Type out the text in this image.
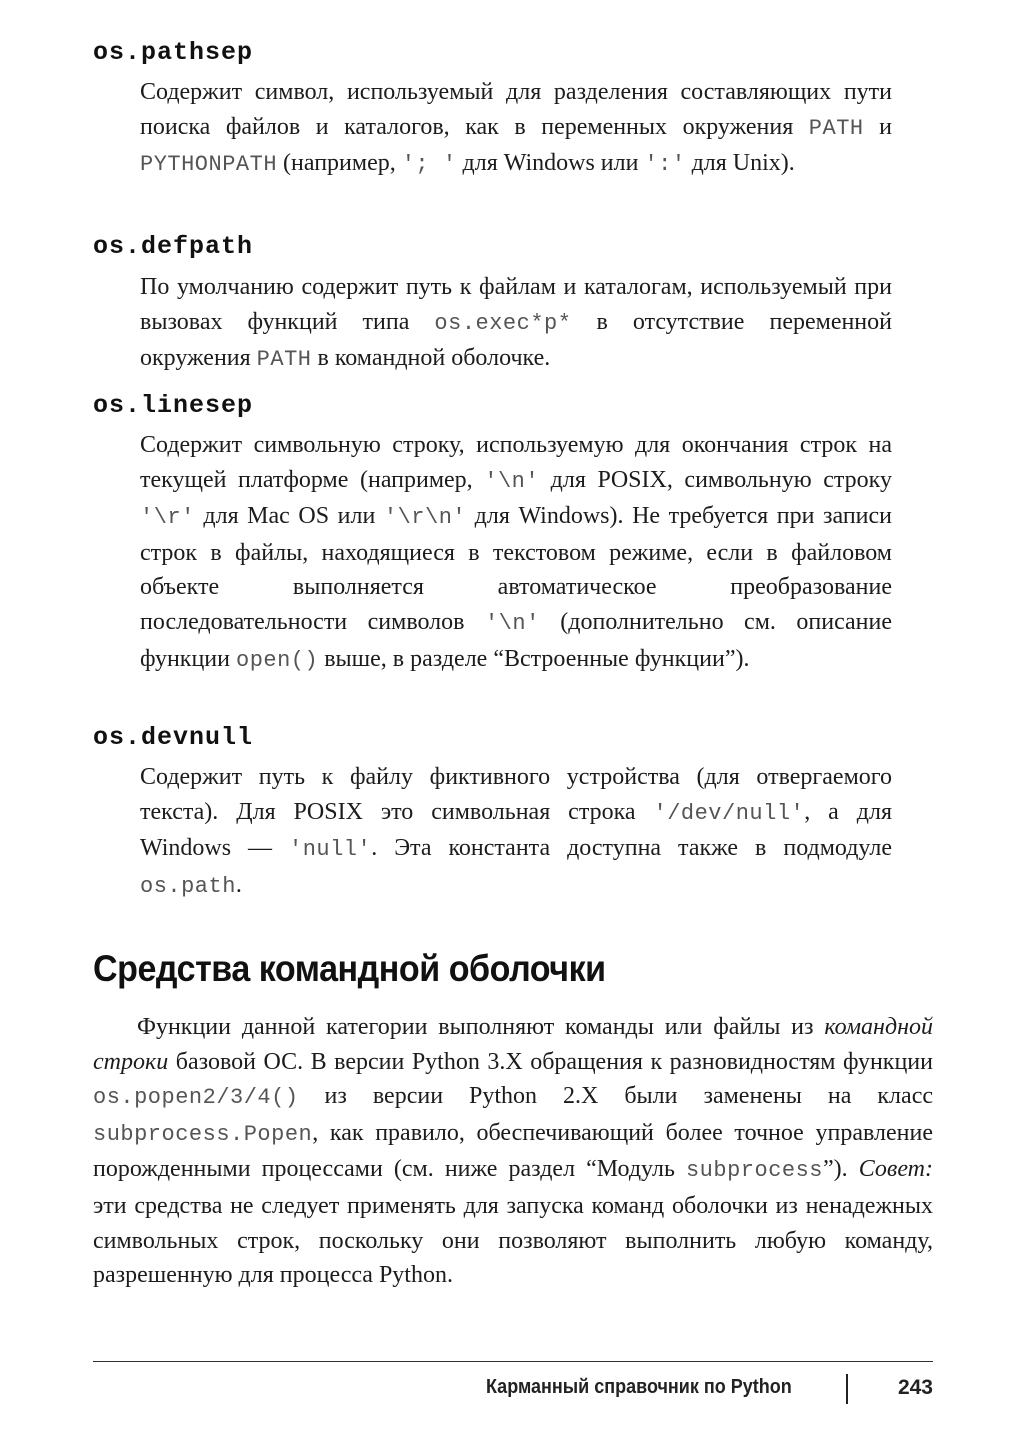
os.pathsep
Содержит символ, используемый для разделения составляющих пути поиска файлов и каталогов, как в переменных окружения PATH и PYTHONPATH (например, '; ' для Windows или ':' для Unix).
os.defpath
По умолчанию содержит путь к файлам и каталогам, используемый при вызовах функций типа os.exec*p* в отсутствие переменной окружения PATH в командной оболочке.
os.linesep
Содержит символьную строку, используемую для окончания строк на текущей платформе (например, '\n' для POSIX, символьную строку '\r' для Mac OS или '\r\n' для Windows). Не требуется при записи строк в файлы, находящиеся в текстовом режиме, если в файловом объекте выполняется автоматическое преобразование последовательности символов '\n' (дополнительно см. описание функции open() выше, в разделе “Встроенные функции”).
os.devnull
Содержит путь к файлу фиктивного устройства (для отвергаемого текста). Для POSIX это символьная строка '/dev/null', а для Windows — 'null'. Эта константа доступна также в подмодуле os.path.
Средства командной оболочки
Функции данной категории выполняют команды или файлы из командной строки базовой ОС. В версии Python 3.X обращения к разновидностям функции os.popen2/3/4() из версии Python 2.X были заменены на класс subprocess.Popen, как правило, обеспечивающий более точное управление порожденными процессами (см. ниже раздел “Модуль subprocess”). Совет: эти средства не следует применять для запуска команд оболочки из ненадежных символьных строк, поскольку они позволяют выполнить любую команду, разрешенную для процесса Python.
Карманный справочник по Python	243
